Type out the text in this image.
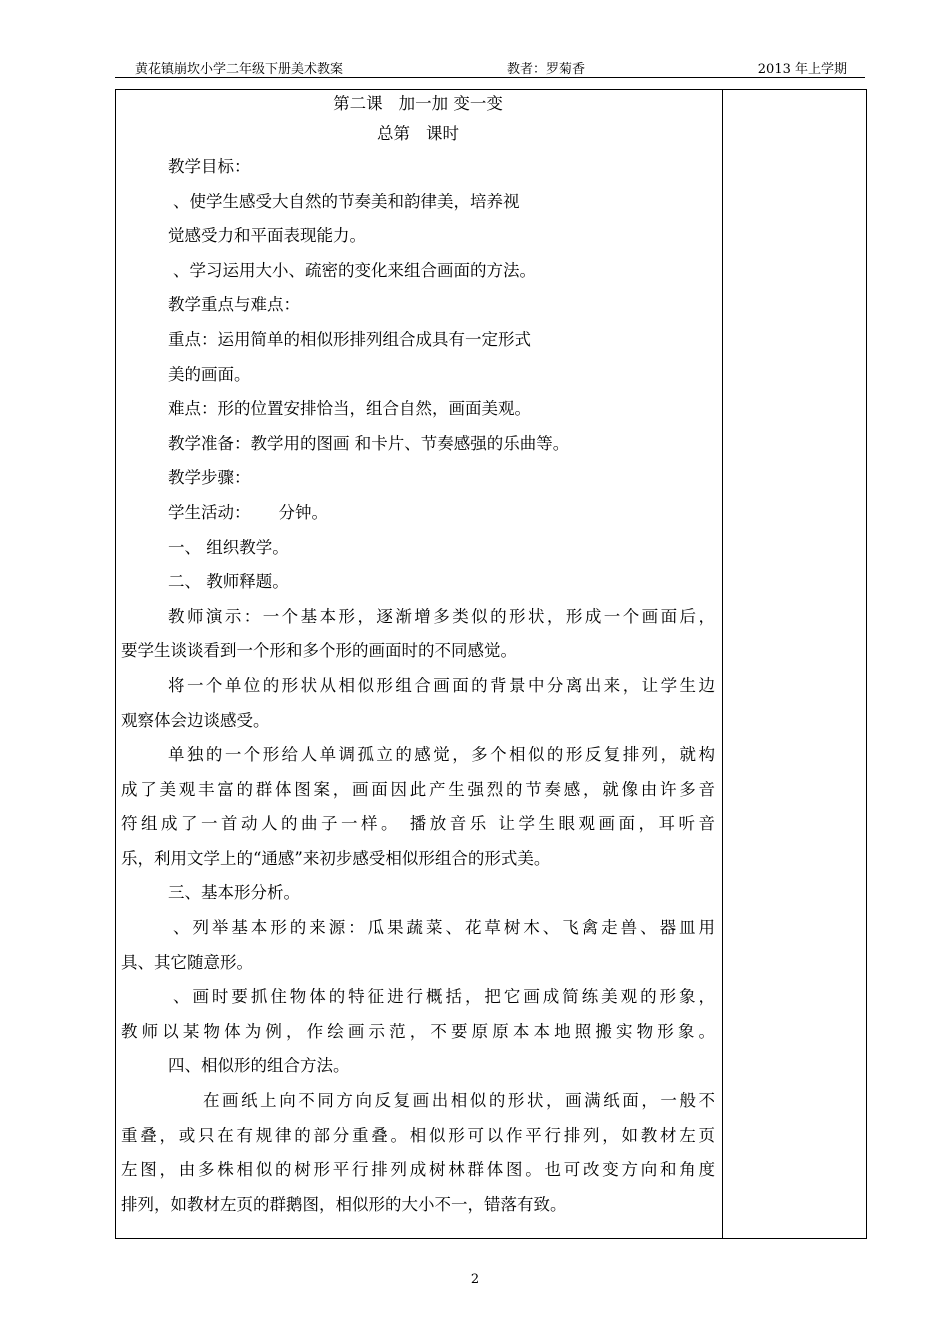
黄花镇崩坎小学二年级下册美术教案	教者：罗菊香	2013 年上学期

第二课 加一加 变一变

总第 课时

教学目标：

、使学生感受大自然的节奏美和韵律美，培养视

觉感受力和平面表现能力。

、学习运用大小、疏密的变化来组合画面的方法。

教学重点与难点：

重点：运用简单的相似形排列组合成具有一定形式

美的画面。

难点：形的位置安排恰当，组合自然，画面美观。

教学准备：教学用的图画 和卡片、节奏感强的乐曲等。

教学步骤：

学生活动： 分钟。

一、 组织教学。

二、 教师释题。

教师演示：一个基本形，逐渐增多类似的形状，形成一个画面后，

要学生谈谈看到一个形和多个形的画面时的不同感觉。

将一个单位的形状从相似形组合画面的背景中分离出来，让学生边

观察体会边谈感受。

单独的一个形给人单调孤立的感觉，多个相似的形反复排列，就构

成了美观丰富的群体图案，画面因此产生强烈的节奏感，就像由许多音

符组成了一首动人的曲子一样。 播放音乐 让学生眼观画面，耳听音

乐，利用文学上的“通感”来初步感受相似形组合的形式美。

三、基本形分析。

、列举基本形的来源：瓜果蔬菜、花草树木、飞禽走兽、器皿用

具、其它随意形。

、画时要抓住物体的特征进行概括，把它画成简练美观的形象，

教师以某物体为例，作绘画示范，不要原原本本地照搬实物形象。

四、相似形的组合方法。

在画纸上向不同方向反复画出相似的形状，画满纸面，一般不

重叠，或只在有规律的部分重叠。相似形可以作平行排列，如教材左页

左图，由多株相似的树形平行排列成树林群体图。也可改变方向和角度

排列，如教材左页的群鹅图，相似形的大小不一，错落有致。

2
